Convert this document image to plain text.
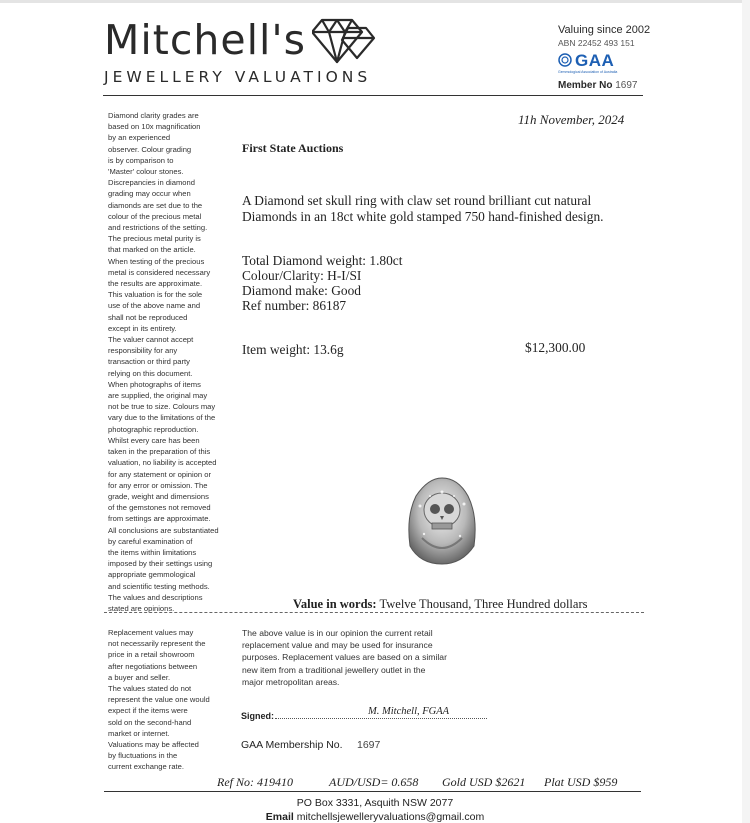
Mitchell's
JEWELLERY VALUATIONS
Valuing since 2002
ABN 22452 493 151
GAA
Gemmological Association of Australia
Member No 1697
Diamond clarity grades are
based on 10x magnification
by an experienced
observer. Colour grading
is by comparison to
'Master' colour stones.
Discrepancies in diamond
grading may occur when
diamonds are set due to the
colour of the precious metal
and restrictions of the setting.
The precious metal purity is
that marked on the article.
When testing of the precious
metal is considered necessary
the results are approximate.
This valuation is for the sole
use of the above name and
shall not be reproduced
except in its entirety.
The valuer cannot accept
responsibility for any
transaction or third party
relying on this document.
When photographs of items
are supplied, the original may
not be true to size. Colours may
vary due to the limitations of the
photographic reproduction.
Whilst every care has been
taken in the preparation of this
valuation, no liability is accepted
for any statement or opinion or
for any error or omission. The
grade, weight and dimensions
of the gemstones not removed
from settings are approximate.
All conclusions are substantiated
by careful examination of
the items within limitations
imposed by their settings using
appropriate gemmological
and scientific testing methods.
The values and descriptions
stated are opinions.
Replacement values may
not necessarily represent the
price in a retail showroom
after negotiations between
a buyer and seller.
The values stated do not
represent the value one would
expect if the items were
sold on the second-hand
market or internet.
Valuations may be affected
by fluctuations in the
current exchange rate.
11h November, 2024
First State Auctions
A Diamond set skull ring with claw set round brilliant cut natural Diamonds in an 18ct white gold stamped 750 hand-finished design.
Total Diamond weight: 1.80ct
Colour/Clarity: H-I/SI
Diamond make: Good
Ref number: 86187
Item weight: 13.6g	$12,300.00
Value in words: Twelve Thousand, Three Hundred dollars
The above value is in our opinion the current retail
replacement value and may be used for insurance
purposes. Replacement values are based on a similar
new item from a traditional jewellery outlet in the
major metropolitan areas.
Signed:	M. Mitchell, FGAA
GAA Membership No. 1697
Ref No: 419410	AUD/USD= 0.658 Gold USD $2621 Plat USD $959
PO Box 3331, Asquith NSW 2077
Email mitchellsjewelleryvaluations@gmail.com
